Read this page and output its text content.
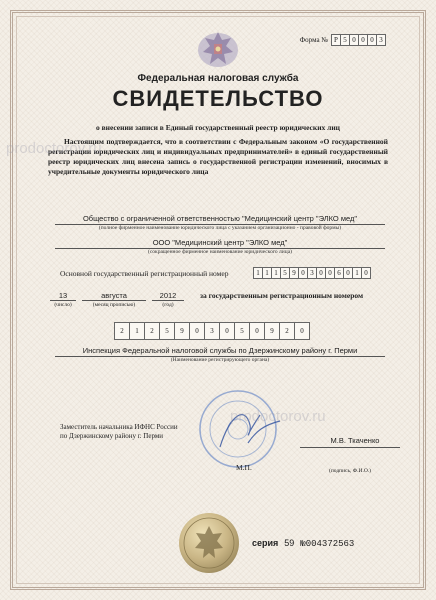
Форма № Р 5 0 0 0 3
Федеральная налоговая служба
СВИДЕТЕЛЬСТВО
о внесении записи в Единый государственный реестр юридических лиц
Настоящим подтверждается, что в соответствии с Федеральным законом «О государственной регистрации юридических лиц и индивидуальных предпринимателей» в единый государственный реестр юридических лиц внесена запись о государственной регистрации изменений, вносимых в учредительные документы юридического лица
Общество с ограниченной ответственностью "Медицинский центр "ЭЛКО мед"
(полное фирменное наименование юридического лица с указанием организационно - правовой формы)
ООО "Медицинский центр "ЭЛКО мед"
(сокращенное фирменное наименование юридического лица)
Основной государственный регистрационный номер	1 1 1 5 9 0 3 0 0 6 0 1 0
13
(число)
августа
(месяц прописью)
2012
(год)
за государственным регистрационным номером
2	1	2	5	9	0	3	0	5	0	9	2	0
Инспекция Федеральной налоговой службы по Дзержинскому району г. Перми
(Наименование регистрирующего органа)
Заместитель начальника ИФНС России
по Дзержинскому району г. Перми
М.П.
М.В. Ткаченко
(подпись, Ф.И.О.)
серия 59 №004372563
prodoctorov.ru
prodoctorov.ru
